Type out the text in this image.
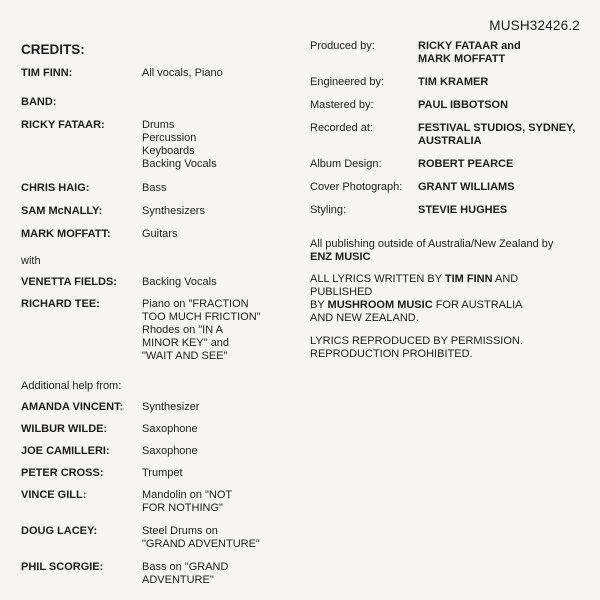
MUSH32426.2
CREDITS:
TIM FINN:	All vocals, Piano
BAND:
RICKY FATAAR:	Drums
Percussion
Keyboards
Backing Vocals
CHRIS HAIG:	Bass
SAM McNALLY:	Synthesizers
MARK MOFFATT:	Guitars
with
VENETTA FIELDS:	Backing Vocals
RICHARD TEE:	Piano on "FRACTION
TOO MUCH FRICTION"
Rhodes on "IN A
MINOR KEY" and
"WAIT AND SEE"
Additional help from:
AMANDA VINCENT:	Synthesizer
WILBUR WILDE:	Saxophone
JOE CAMILLERI:	Saxophone
PETER CROSS:	Trumpet
VINCE GILL:	Mandolin on "NOT
FOR NOTHING"
DOUG LACEY:	Steel Drums on
"GRAND ADVENTURE"
PHIL SCORGIE:	Bass on "GRAND
ADVENTURE"
Produced by:	RICKY FATAAR and
MARK MOFFATT
Engineered by:	TIM KRAMER
Mastered by:	PAUL IBBOTSON
Recorded at:	FESTIVAL STUDIOS, SYDNEY,
AUSTRALIA
Album Design:	ROBERT PEARCE
Cover Photograph:	GRANT WILLIAMS
Styling:	STEVIE HUGHES
All publishing outside of Australia/New Zealand by
ENZ MUSIC
ALL LYRICS WRITTEN BY TIM FINN AND PUBLISHED
BY MUSHROOM MUSIC FOR AUSTRALIA
AND NEW ZEALAND.
LYRICS REPRODUCED BY PERMISSION.
REPRODUCTION PROHIBITED.
